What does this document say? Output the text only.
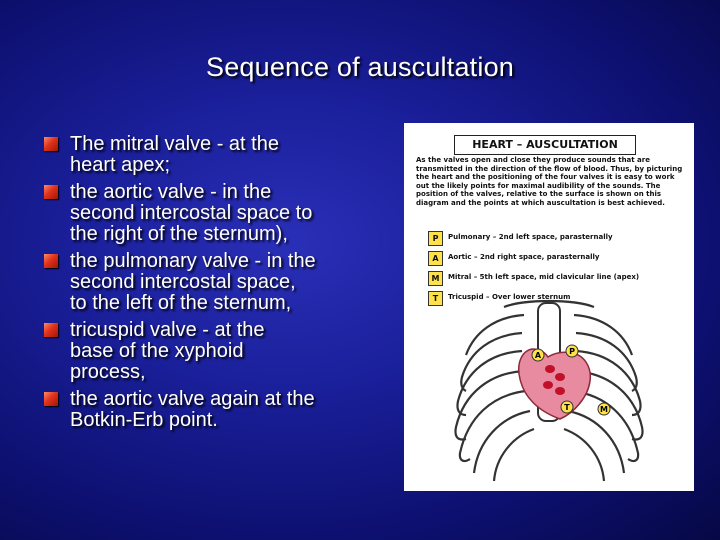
Sequence of auscultation
The mitral valve - at the
heart apex;
the aortic valve - in the
second intercostal space to
the right of the sternum),
the pulmonary valve - in the
second intercostal space,
to the left of the sternum,
tricuspid valve - at the
base of the xyphoid
process,
the aortic valve again at the
Botkin-Erb point.
HEART – AUSCULTATION
As the valves open and close they produce sounds that are transmitted in the direction of the flow of blood. Thus, by picturing the heart and the positioning of the four valves it is easy to work out the likely points for maximal audibility of the sounds. The position of the valves, relative to the surface is shown on this diagram and the points at which auscultation is best achieved.
P	Pulmonary – 2nd left space, parasternally
A	Aortic – 2nd right space, parasternally
M	Mitral – 5th left space, mid clavicular line (apex)
T	Tricuspid – Over lower sternum
A	P
T	M
